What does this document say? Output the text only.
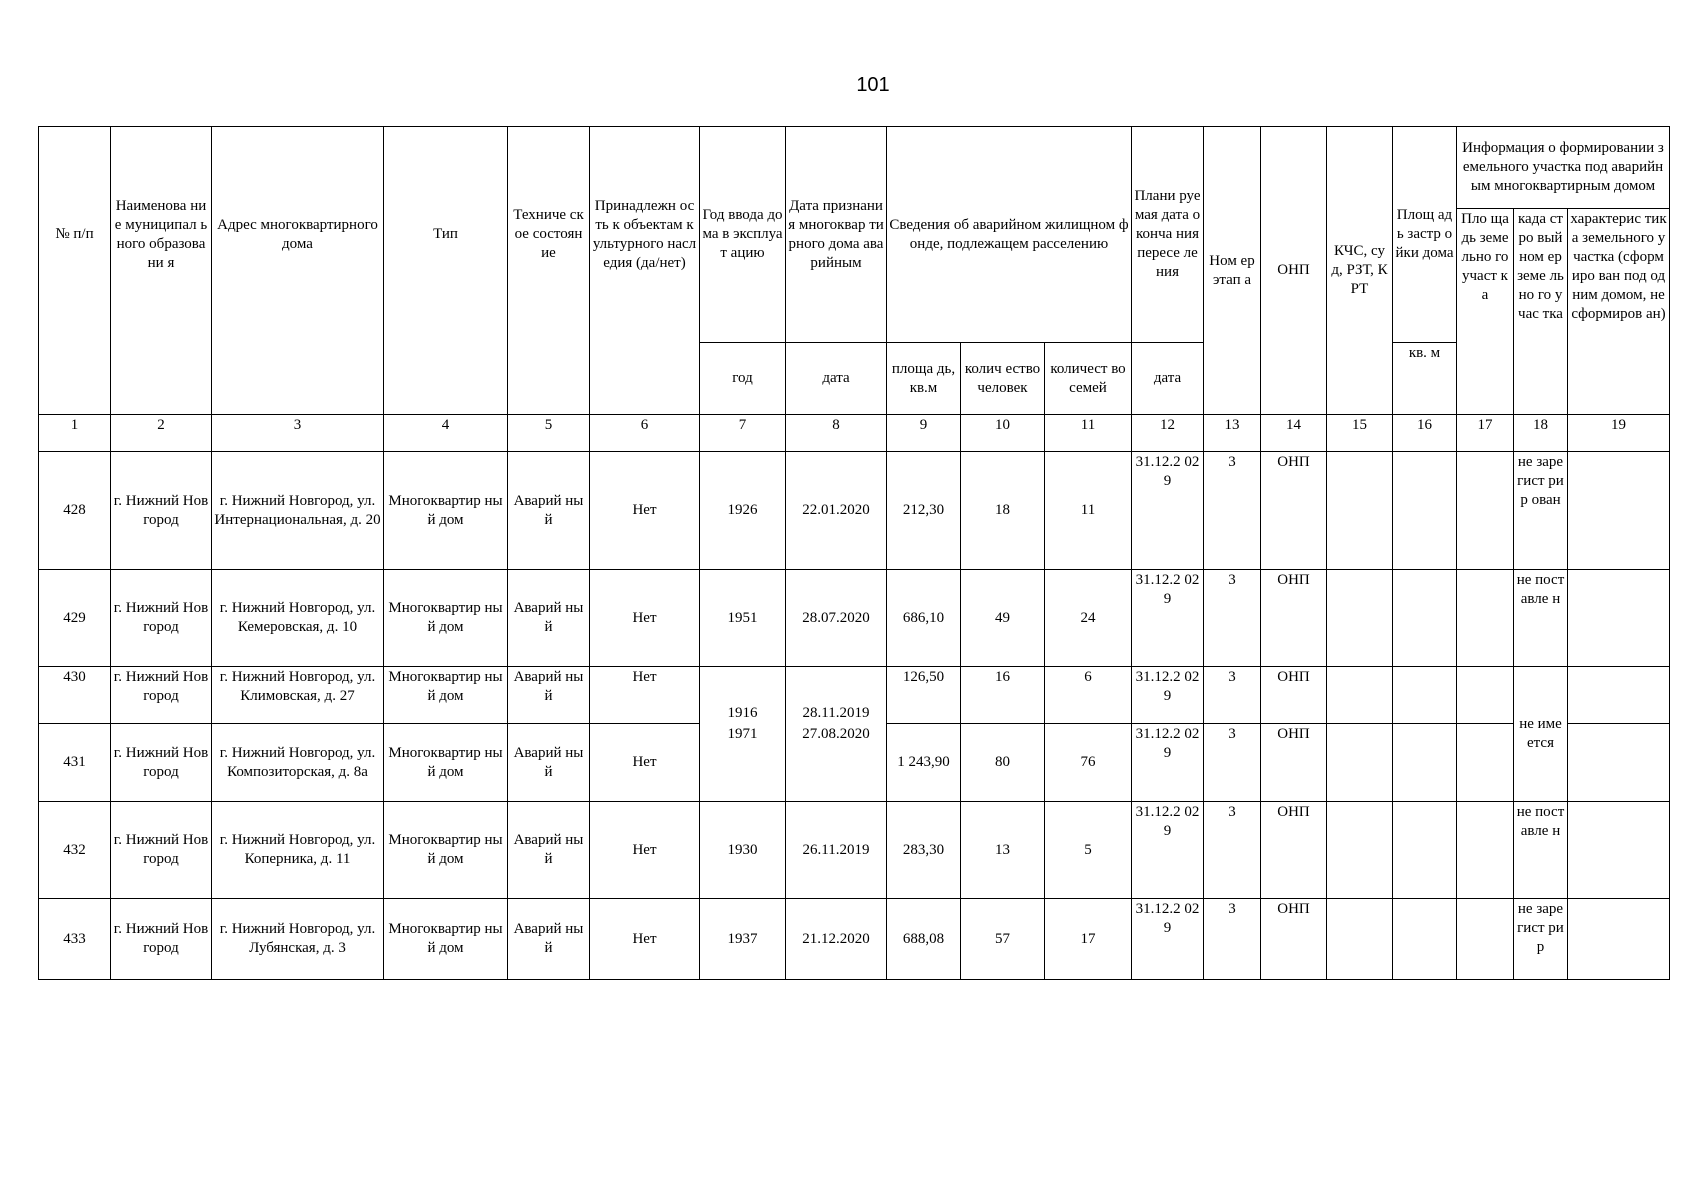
101
№ п/п	Наименова ние муниципал ьного образовани я	Адрес многоквартирного дома	Тип	Техниче ское состоян ие	Принадлежн ость к объектам культурного наследия (да/нет)	Год ввода дома в эксплуат ацию	Дата признания многоквар тирного дома аварийным	Сведения об аварийном жилищном фонде, подлежащем расселению			Плани руемая дата оконча ния пересе ления	Ном ер этап а	ОНП	КЧС, суд, РЗТ, КРТ	Площ адь застр ойки дома	Информация о формировании земельного участка под аварийным многоквартирным домом		
																Пло щадь земе льно го участ ка	када стро вый ном ер земе льно го учас тка	характерис тика земельного участка (сформиро ван под одним домом, не сформиров ан)
						год	дата	площа дь, кв.м	колич ество человек	количест во семей	дата				кв. м			
1	2	3	4	5	6	7	8	9	10	11	12	13	14	15	16	17	18	19
428	г. Нижний Новгород	г. Нижний Новгород, ул. Интернациональная, д. 20	Многоквартир ный дом	Аварий ный	Нет	1926	22.01.2020	212,30	18	11	31.12.2 029	3	ОНП				не заре гист рир ован	
429	г. Нижний Новгород	г. Нижний Новгород, ул. Кемеровская, д. 10	Многоквартир ный дом	Аварий ный	Нет	1951	28.07.2020	686,10	49	24	31.12.2 029	3	ОНП				не пост авле н	
430	г. Нижний Новгород	г. Нижний Новгород, ул. Климовская, д. 27	Многоквартир ный дом	Аварий ный	Нет	1916	28.11.2019	126,50	16	6	31.12.2 029	3	ОНП				не име ется	
431	г. Нижний Новгород	г. Нижний Новгород, ул. Композиторская, д. 8а	Многоквартир ный дом	Аварий ный	Нет	1971	27.08.2020	1 243,90	80	76	31.12.2 029	3	ОНП					
432	г. Нижний Новгород	г. Нижний Новгород, ул. Коперника, д. 11	Многоквартир ный дом	Аварий ный	Нет	1930	26.11.2019	283,30	13	5	31.12.2 029	3	ОНП				не пост авле н	
433	г. Нижний Новгород	г. Нижний Новгород, ул. Лубянская, д. 3	Многоквартир ный дом	Аварий ный	Нет	1937	21.12.2020	688,08	57	17	31.12.2 029	3	ОНП				не заре гист рир	
